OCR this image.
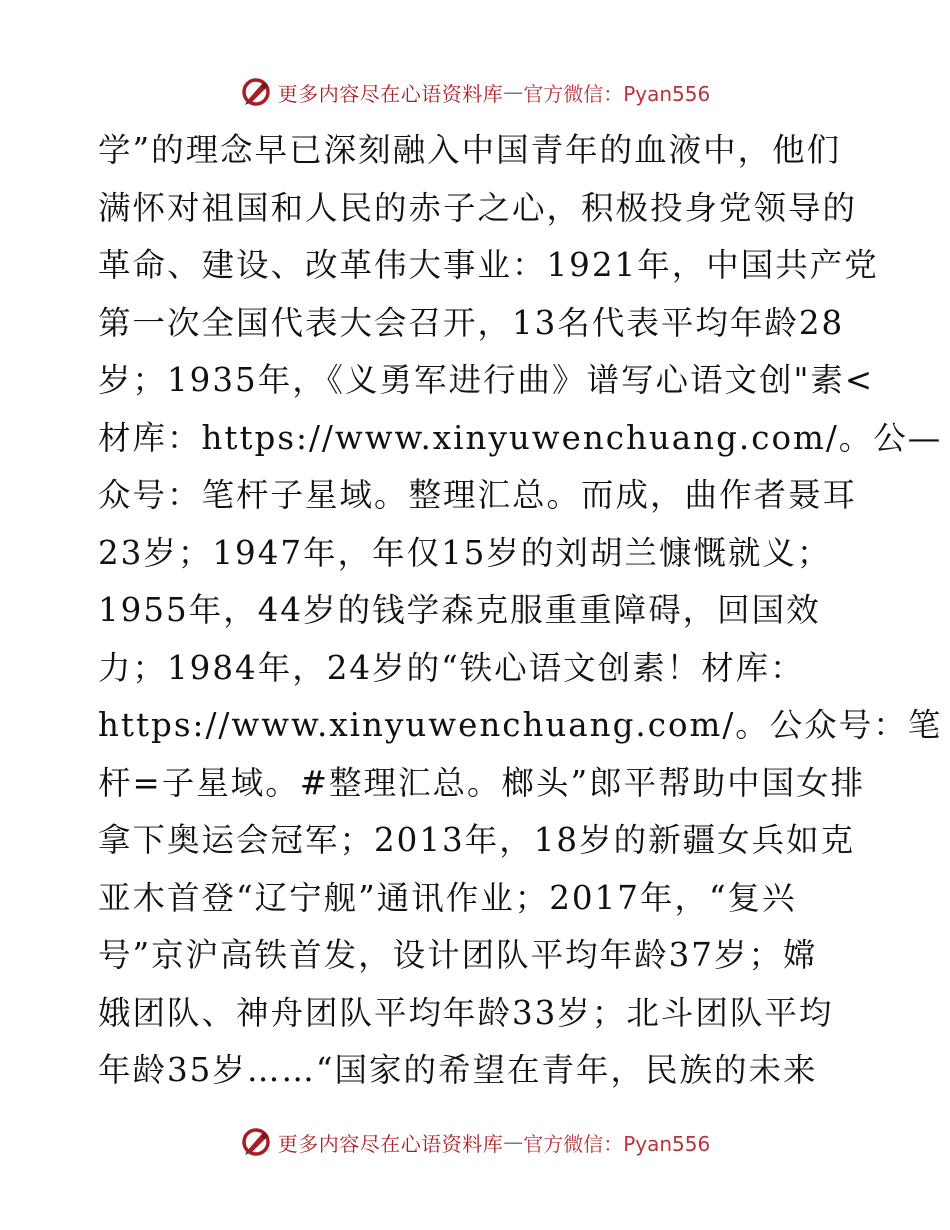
更多内容尽在心语资料库 — 官方微信：Pyan556
学”的理念早已深刻融入中国青年的血液中，他们
满怀对祖国和人民的赤子之心，积极投身党领导的
革命、建设、改革伟大事业：1921年，中国共产党
第一次全国代表大会召开，13名代表平均年龄28
岁；1935年，《义勇军进行曲》谱写心语文创"素<
材库：https://www.xinyuwenchuang.com/。公—
众号：笔杆子星域。整理汇总。而成，曲作者聂耳
23岁；1947年，年仅15岁的刘胡兰慷慨就义；
1955年，44岁的钱学森克服重重障碍，回国效
力；1984年，24岁的“铁心语文创素！材库：
https://www.xinyuwenchuang.com/。公众号：笔
杆=子星域。#整理汇总。榔头”郎平帮助中国女排
拿下奥运会冠军；2013年，18岁的新疆女兵如克
亚木首登“辽宁舰”通讯作业；2017年，“复兴
号”京沪高铁首发，设计团队平均年龄37岁；嫦
娥团队、神舟团队平均年龄33岁；北斗团队平均
年龄35岁……“国家的希望在青年，民族的未来
更多内容尽在心语资料库 — 官方微信：Pyan556
